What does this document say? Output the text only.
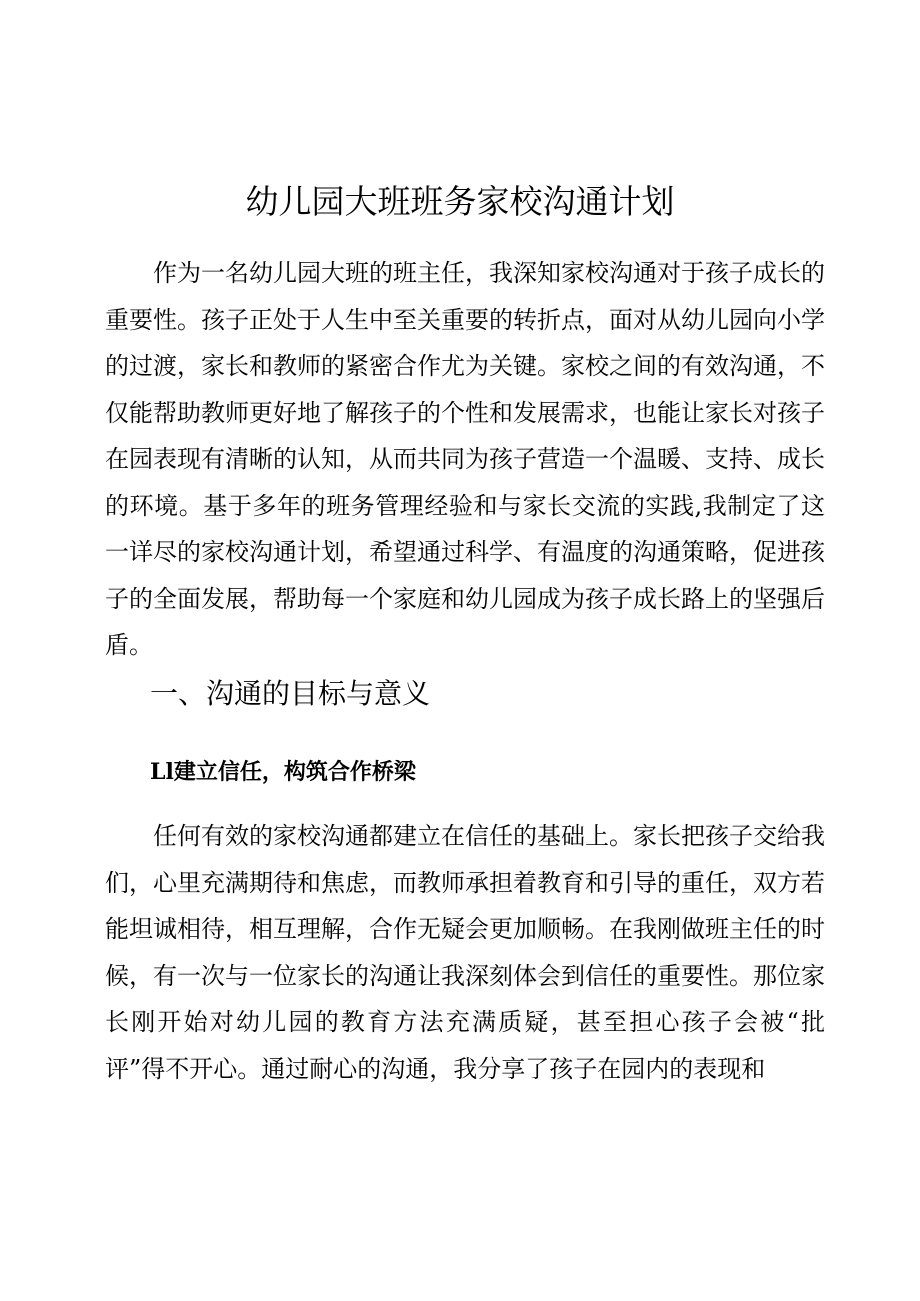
幼儿园大班班务家校沟通计划

作为一名幼儿园大班的班主任，我深知家校沟通对于孩子成长的重要性。孩子正处于人生中至关重要的转折点，面对从幼儿园向小学的过渡，家长和教师的紧密合作尤为关键。家校之间的有效沟通，不仅能帮助教师更好地了解孩子的个性和发展需求，也能让家长对孩子在园表现有清晰的认知，从而共同为孩子营造一个温暖、支持、成长的环境。基于多年的班务管理经验和与家长交流的实践,我制定了这一详尽的家校沟通计划，希望通过科学、有温度的沟通策略，促进孩子的全面发展，帮助每一个家庭和幼儿园成为孩子成长路上的坚强后盾。

一、沟通的目标与意义
Ll建立信任，构筑合作桥梁

任何有效的家校沟通都建立在信任的基础上。家长把孩子交给我们，心里充满期待和焦虑，而教师承担着教育和引导的重任，双方若能坦诚相待，相互理解，合作无疑会更加顺畅。在我刚做班主任的时候，有一次与一位家长的沟通让我深刻体会到信任的重要性。那位家长刚开始对幼儿园的教育方法充满质疑，甚至担心孩子会被“批评”得不开心。通过耐心的沟通，我分享了孩子在园内的表现和
